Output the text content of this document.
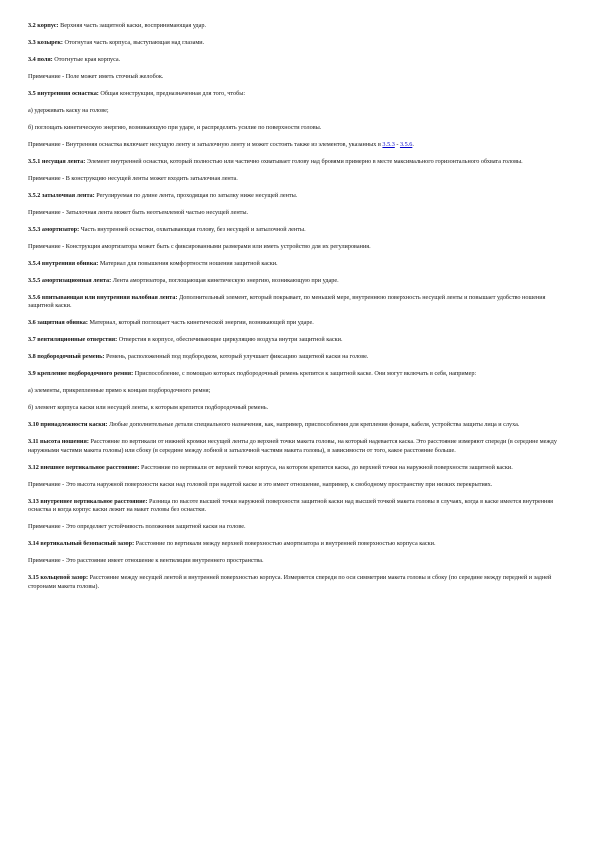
3.2 корпус: Верхняя часть защитной каски, воспринимающая удар.

3.3 козырек: Отогнутая часть корпуса, выступающая над глазами.

3.4 поля: Отогнутые края корпуса.

Примечание - Поле может иметь сточный желобок.

3.5 внутренняя оснастка: Общая конструкция, предназначенная для того, чтобы:

а) удерживать каску на голове;

б) поглощать кинетическую энергию, возникающую при ударе, и распределять усилие по поверхности головы.

Примечание - Внутренняя оснастка включает несущую ленту и затылочную ленту и может состоять также из элементов, указанных в 3.5.3 - 3.5.6.

3.5.1 несущая лента: Элемент внутренней оснастки, который полностью или частично охватывает голову над бровями примерно в месте максимального горизонтального обхвата головы.

Примечание - В конструкцию несущей ленты может входить затылочная лента.

3.5.2 затылочная лента: Регулируемая по длине лента, проходящая по затылку ниже несущей ленты.

Примечание - Затылочная лента может быть неотъемлемой частью несущей ленты.

3.5.3 амортизатор: Часть внутренней оснастки, охватывающая голову, без несущей и затылочной ленты.

Примечание - Конструкция амортизатора может быть с фиксированными размерами или иметь устройство для их регулирования.

3.5.4 внутренняя обивка: Материал для повышения комфортности ношения защитной каски.

3.5.5 амортизационная лента: Лента амортизатора, поглощающая кинетическую энергию, возникающую при ударе.

3.5.6 впитывающая или внутренняя налобная лента: Дополнительный элемент, который покрывает, по меньшей мере, внутреннюю поверхность несущей ленты и повышает удобство ношения защитной каски.

3.6 защитная обивка: Материал, который поглощает часть кинетической энергии, возникающей при ударе.

3.7 вентиляционные отверстия: Отверстия в корпусе, обеспечивающие циркуляцию воздуха внутри защитной каски.

3.8 подбородочный ремень: Ремень, расположенный под подбородком, который улучшает фиксацию защитной каски на голове.

3.9 крепление подбородочного ремня: Приспособление, с помощью которых подбородочный ремень крепится к защитной каске. Они могут включать в себя, например:

а) элементы, прикрепленные прямо к концам подбородочного ремня;

б) элемент корпуса каски или несущей ленты, к которым крепится подбородочный ремень.

3.10 принадлежности каски: Любые дополнительные детали специального назначения, как, например, приспособления для крепления фонаря, кабеля, устройства защиты лица и слуха.

3.11 высота ношения: Расстояние по вертикали от нижней кромки несущей ленты до верхней точки макета головы, на который надевается каска. Это расстояние измеряют спереди (в середине между наружными частями макета головы) или сбоку (в середине между лобной и затылочной частями макета головы), в зависимости от того, какое расстояние больше.

3.12 внешнее вертикальное расстояние: Расстояние по вертикали от верхней точки корпуса, на котором крепится каска, до верхней точки на наружной поверхности защитной каски.

Примечание - Это высота наружной поверхности каски над головой при надетой каске и это имеет отношение, например, к свободному пространству при низких перекрытиях.

3.13 внутреннее вертикальное расстояние: Разница по высоте высшей точки наружной поверхности защитной каски над высшей точкой макета головы в случаях, когда в каске имеется внутренняя оснастка и когда корпус каски лежит на макет головы без оснастки.

Примечание - Это определяет устойчивость положения защитной каски на голове.

3.14 вертикальный безопасный зазор: Расстояние по вертикали между верхней поверхностью амортизатора и внутренней поверхностью корпуса каски.

Примечание - Это расстояние имеет отношение к вентиляции внутреннего пространства.

3.15 кольцевой зазор: Расстояние между несущей лентой и внутренней поверхностью корпуса. Измеряется спереди по оси симметрии макета головы и сбоку (по середине между передней и задней сторонами макета головы).
